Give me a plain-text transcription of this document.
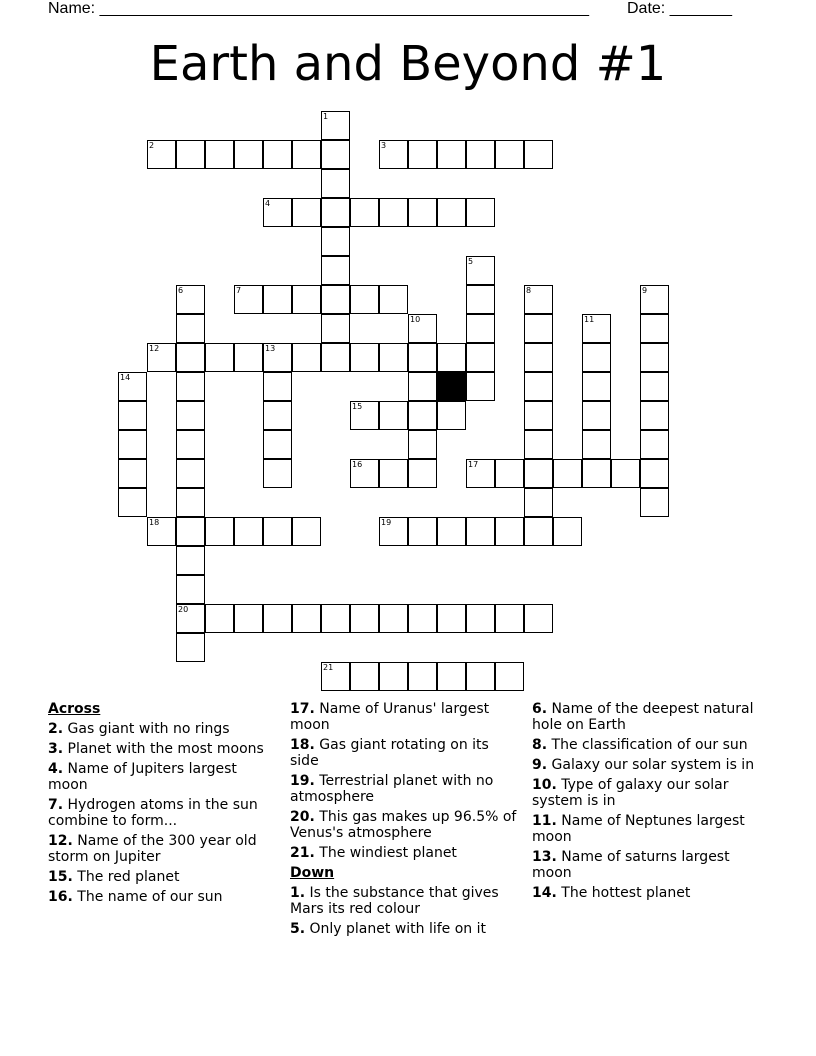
Name: _______________________________________________________ Date: _______
Earth and Beyond #1
1
2	3
4
5
6	7	8	9
10	11
12	13
14
15
16	17
18	19
20
21
Across
2. Gas giant with no rings
3. Planet with the most moons
4. Name of Jupiters largest moon
7. Hydrogen atoms in the sun combine to form...
12. Name of the 300 year old storm on Jupiter
15. The red planet
16. The name of our sun
17. Name of Uranus' largest moon
18. Gas giant rotating on its side
19. Terrestrial planet with no atmosphere
20. This gas makes up 96.5% of Venus's atmosphere
21. The windiest planet
Down
1. Is the substance that gives Mars its red colour
5. Only planet with life on it
6. Name of the deepest natural hole on Earth
8. The classification of our sun
9. Galaxy our solar system is in
10. Type of galaxy our solar system is in
11. Name of Neptunes largest moon
13. Name of saturns largest moon
14. The hottest planet
